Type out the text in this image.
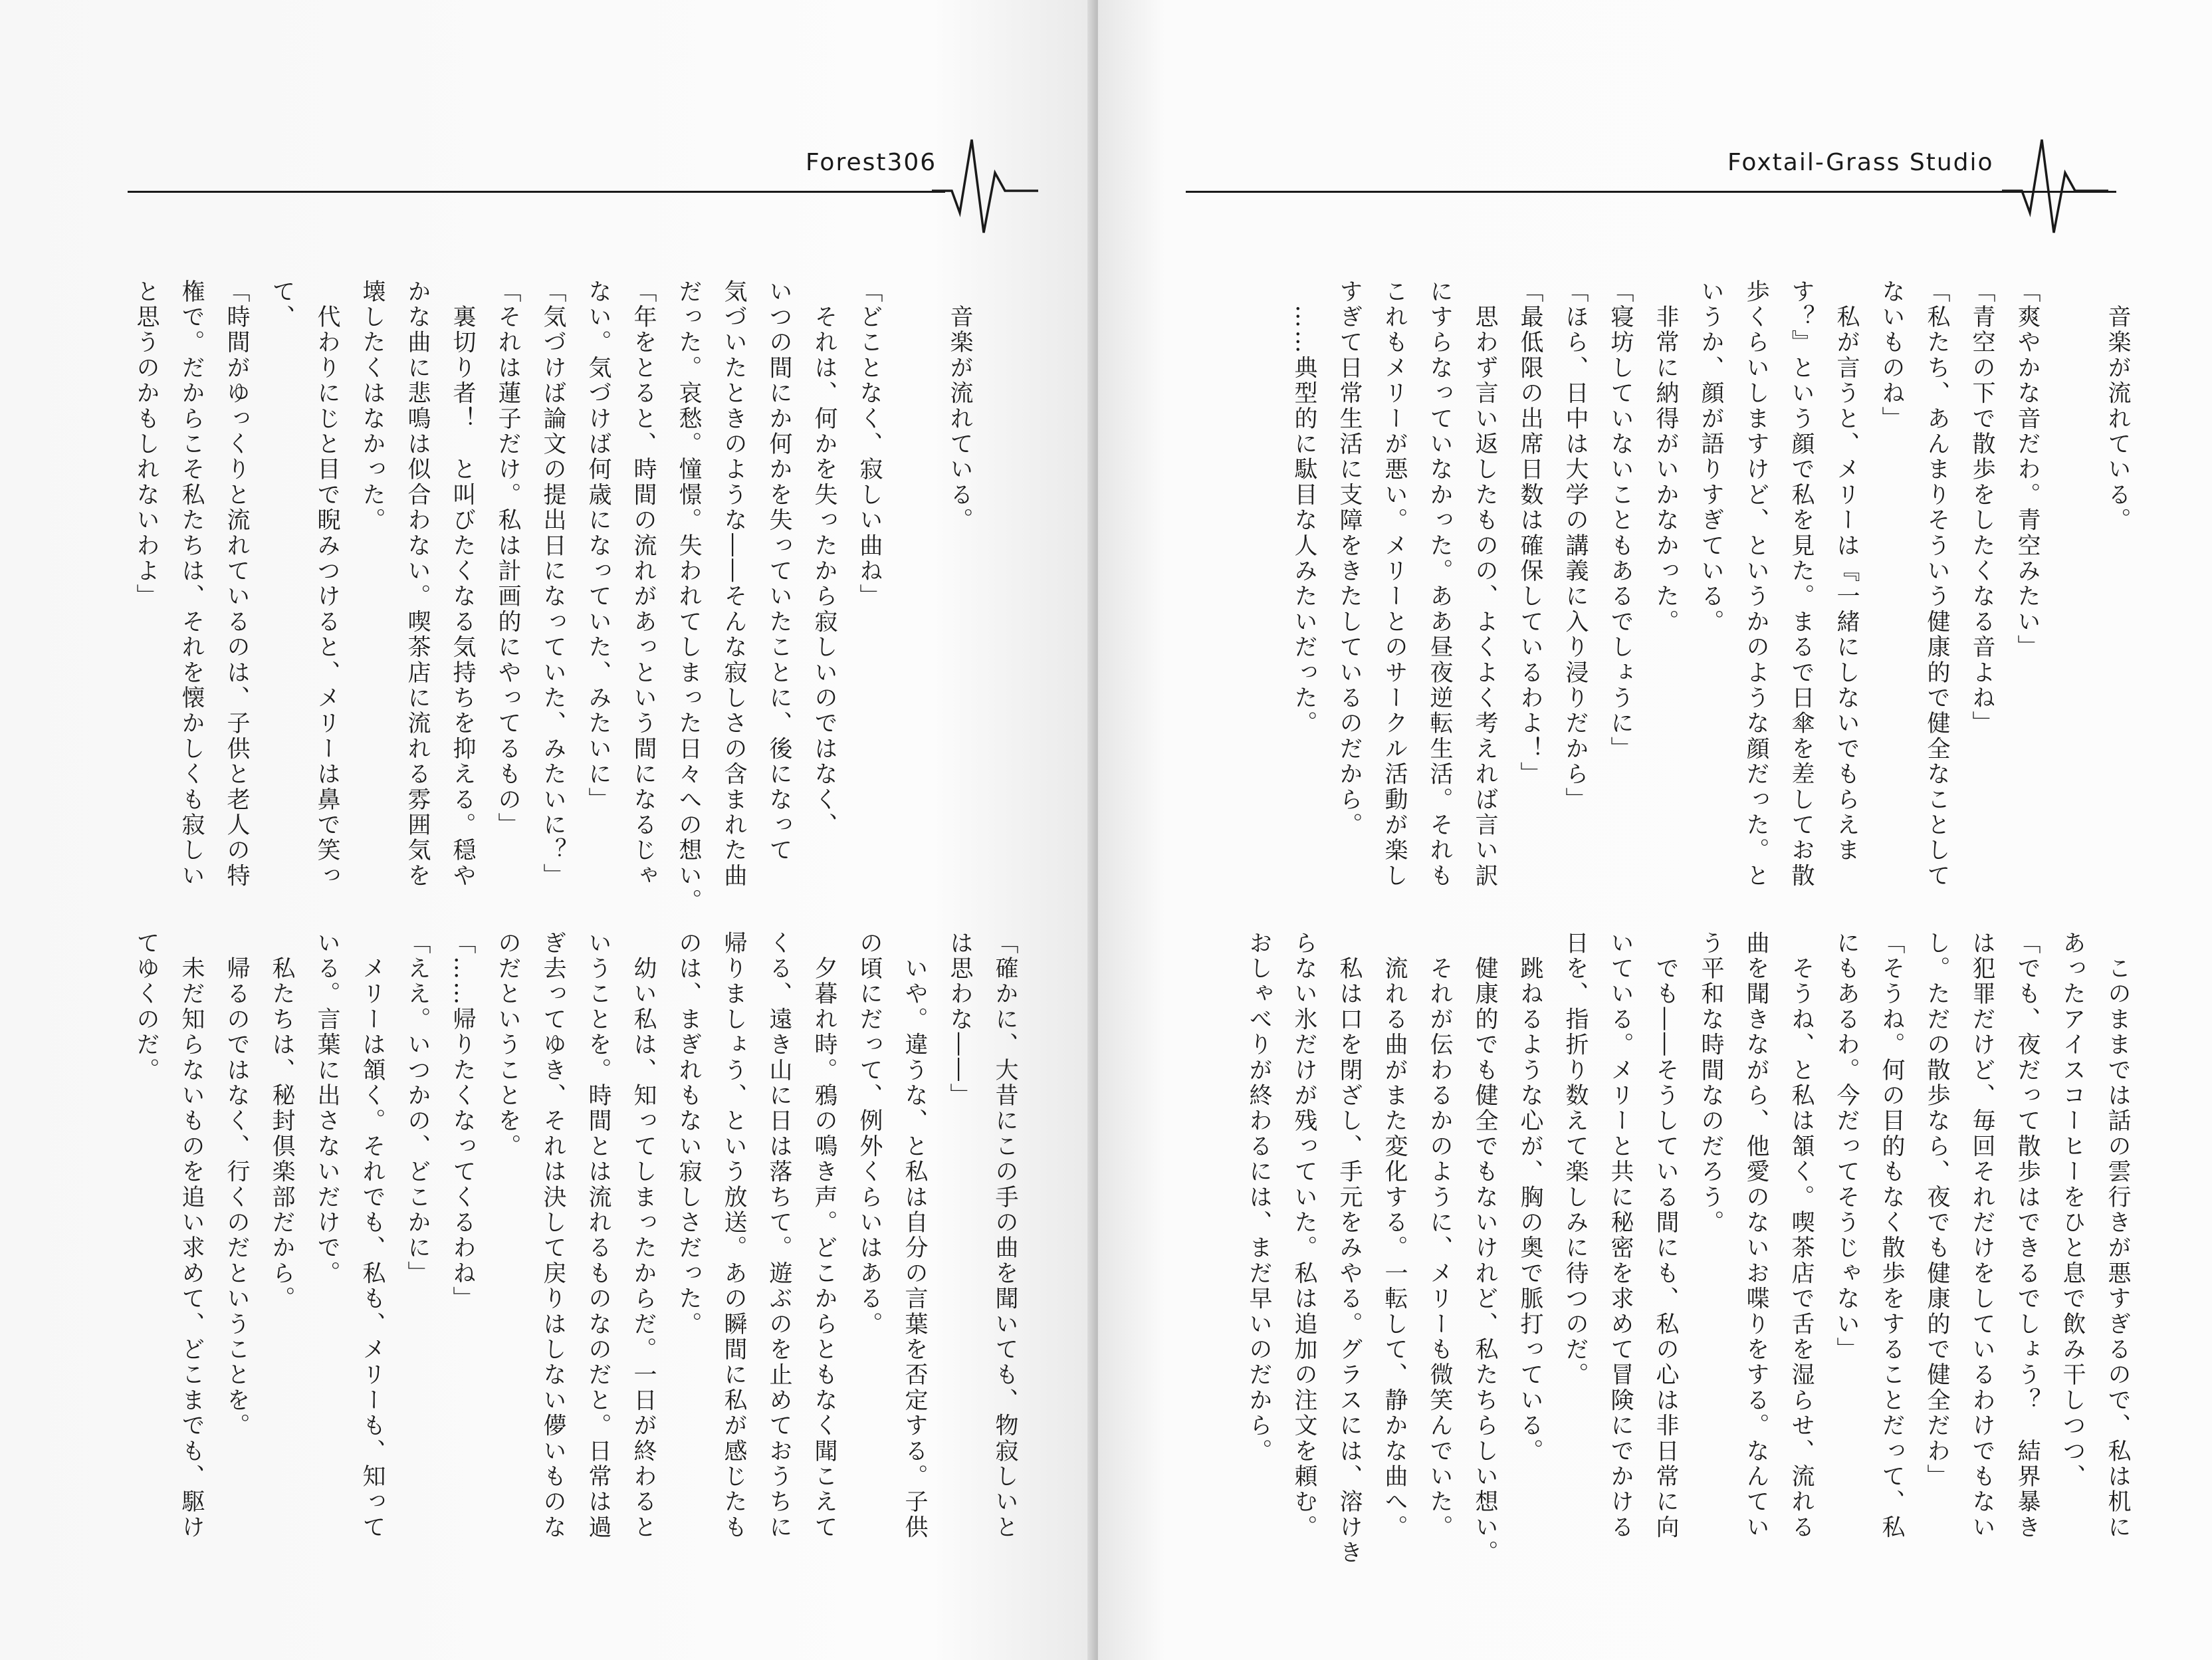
Forest306

　音楽が流れている。

「どことなく、寂しい曲ね」

　それは、何かを失ったから寂しいのではなく、

いつの間にか何かを失っていたことに、後になって

気づいたときのような――そんな寂しさの含まれた曲

だった。哀愁。憧憬。失われてしまった日々への想い。

「年をとると、時間の流れがあっという間になるじゃ

ない。気づけば何歳になっていた、みたいに」

「気づけば論文の提出日になっていた、みたいに？」

「それは蓮子だけ。私は計画的にやってるもの」

　裏切り者！　と叫びたくなる気持ちを抑える。穏や

かな曲に悲鳴は似合わない。喫茶店に流れる雰囲気を

壊したくはなかった。

　代わりにじと目で睨みつけると、メリーは鼻で笑っ

て、

「時間がゆっくりと流れているのは、子供と老人の特

権で。だからこそ私たちは、それを懐かしくも寂しい

と思うのかもしれないわよ」

「確かに、大昔にこの手の曲を聞いても、物寂しいと

は思わな――」

　いや。違うな、と私は自分の言葉を否定する。子供

の頃にだって、例外くらいはある。

　夕暮れ時。鴉の鳴き声。どこからともなく聞こえて

くる、遠き山に日は落ちて。遊ぶのを止めておうちに

帰りましょう、という放送。あの瞬間に私が感じたも

のは、まぎれもない寂しさだった。

　幼い私は、知ってしまったからだ。一日が終わると

いうことを。時間とは流れるものなのだと。日常は過

ぎ去ってゆき、それは決して戻りはしない儚いものな

のだということを。

「……帰りたくなってくるわね」

「ええ。いつかの、どこかに」

　メリーは頷く。それでも、私も、メリーも、知って

いる。言葉に出さないだけで。

　私たちは、秘封倶楽部だから。

　帰るのではなく、行くのだということを。

　未だ知らないものを追い求めて、どこまでも、駆け

てゆくのだ。

Foxtail-Grass Studio

　音楽が流れている。

「爽やかな音だわ。青空みたい」

「青空の下で散歩をしたくなる音よね」

「私たち、あんまりそういう健康的で健全なことして

ないものね」

　私が言うと、メリーは『一緒にしないでもらえま

す？』という顔で私を見た。まるで日傘を差してお散

歩くらいしますけど、というかのような顔だった。と

いうか、顔が語りすぎている。

　非常に納得がいかなかった。

「寝坊していないこともあるでしょうに」

「ほら、日中は大学の講義に入り浸りだから」

「最低限の出席日数は確保しているわよ！」

　思わず言い返したものの、よくよく考えれば言い訳

にすらなっていなかった。ああ昼夜逆転生活。それも

これもメリーが悪い。メリーとのサークル活動が楽し

すぎて日常生活に支障をきたしているのだから。

　……典型的に駄目な人みたいだった。

　このままでは話の雲行きが悪すぎるので、私は机に

あったアイスコーヒーをひと息で飲み干しつつ、

「でも、夜だって散歩はできるでしょう？　結界暴き

は犯罪だけど、毎回それだけをしているわけでもない

し。ただの散歩なら、夜でも健康的で健全だわ」

「そうね。何の目的もなく散歩をすることだって、私

にもあるわ。今だってそうじゃない」

　そうね、と私は頷く。喫茶店で舌を湿らせ、流れる

曲を聞きながら、他愛のないお喋りをする。なんてい

う平和な時間なのだろう。

　でも――そうしている間にも、私の心は非日常に向

いている。メリーと共に秘密を求めて冒険にでかける

日を、指折り数えて楽しみに待つのだ。

　跳ねるような心が、胸の奥で脈打っている。

　健康的でも健全でもないけれど、私たちらしい想い。

　それが伝わるかのように、メリーも微笑んでいた。

　流れる曲がまた変化する。一転して、静かな曲へ。

　私は口を閉ざし、手元をみやる。グラスには、溶けき

らない氷だけが残っていた。私は追加の注文を頼む。

おしゃべりが終わるには、まだ早いのだから。
